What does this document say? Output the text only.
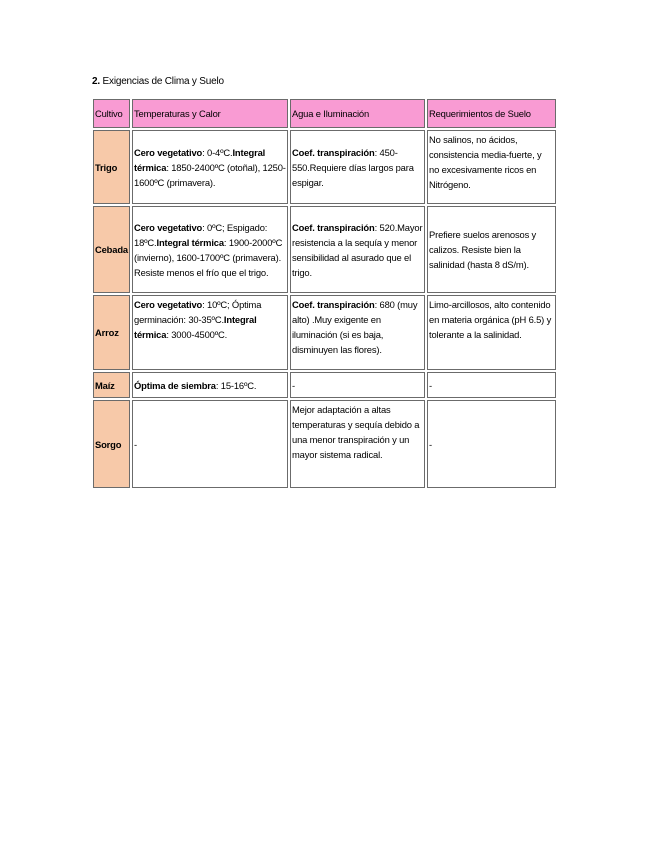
2. Exigencias de Clima y Suelo
Cultivo	Temperaturas y Calor	Agua e Iluminación	Requerimientos de Suelo
Trigo	Cero vegetativo: 0-4ºC.Integral térmica: 1850-2400ºC (otoñal), 1250-1600ºC (primavera).	Coef. transpiración: 450-550.Requiere días largos para espigar.	No salinos, no ácidos, consistencia media-fuerte, y no excesivamente ricos en Nitrógeno.
Cebada	Cero vegetativo: 0ºC; Espigado: 18ºC.Integral térmica: 1900-2000ºC (invierno), 1600-1700ºC (primavera). Resiste menos el frío que el trigo.	Coef. transpiración: 520.Mayor resistencia a la sequía y menor sensibilidad al asurado que el trigo.	Prefiere suelos arenosos y calizos. Resiste bien la salinidad (hasta 8 dS/m).
Arroz	Cero vegetativo: 10ºC; Óptima germinación: 30-35ºC.Integral térmica: 3000-4500ºC.	Coef. transpiración: 680 (muy alto) .Muy exigente en iluminación (si es baja, disminuyen las flores).	Limo-arcillosos, alto contenido en materia orgánica (pH 6.5) y tolerante a la salinidad.
Maíz	Óptima de siembra: 15-16ºC.	-	-
Sorgo	-	Mejor adaptación a altas temperaturas y sequía debido a una menor transpiración y un mayor sistema radical.	-
